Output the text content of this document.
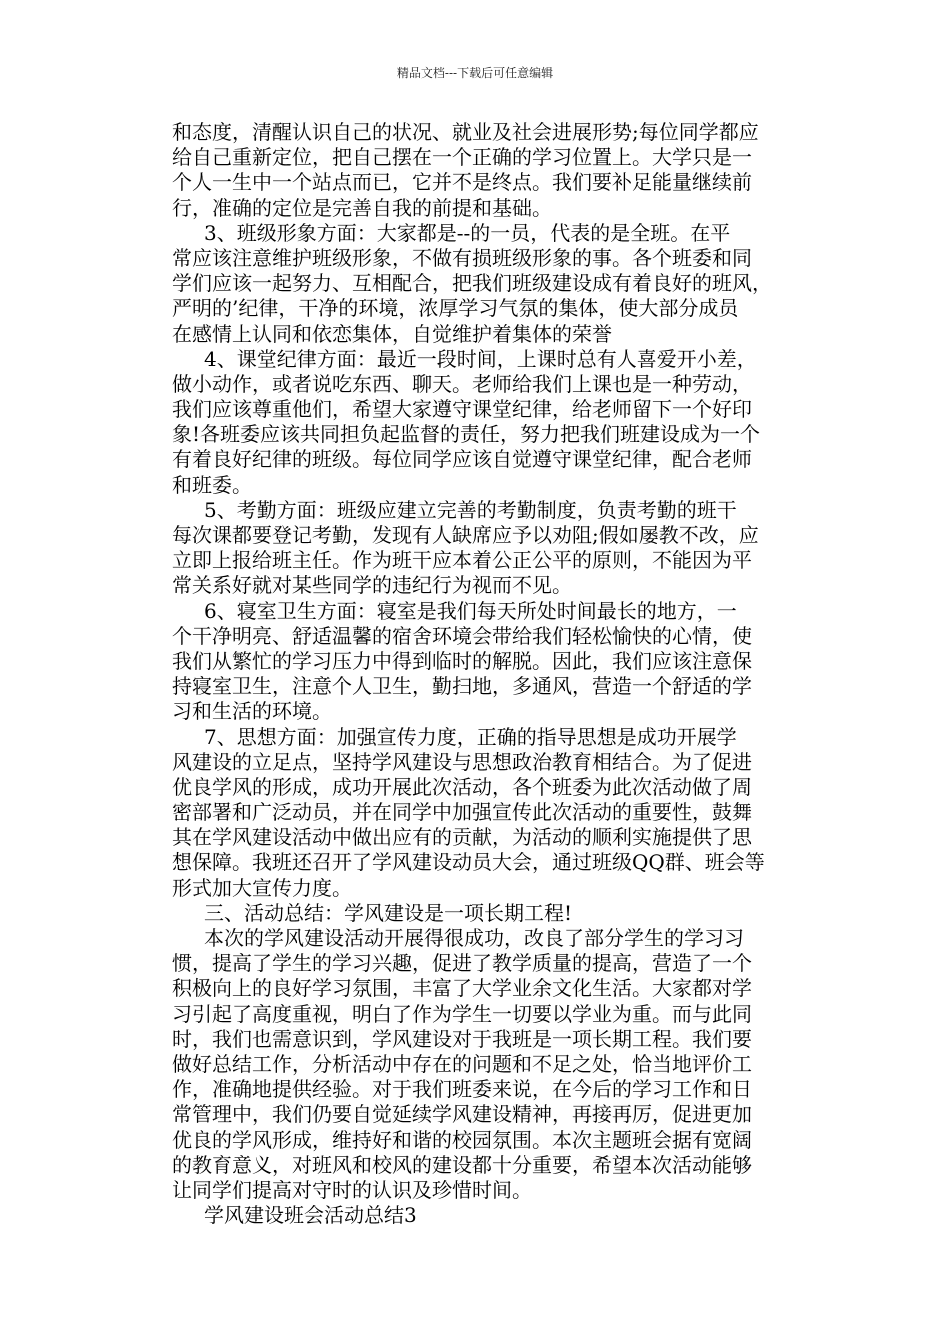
精品文档---下载后可任意编辑
和态度，清醒认识自己的状况、就业及社会进展形势;每位同学都应
给自己重新定位，把自己摆在一个正确的学习位置上。大学只是一
个人一生中一个站点而已，它并不是终点。我们要补足能量继续前
行，准确的定位是完善自我的前提和基础。
3、班级形象方面：大家都是--的一员，代表的是全班。在平
常应该注意维护班级形象，不做有损班级形象的事。各个班委和同
学们应该一起努力、互相配合，把我们班级建设成有着良好的班风，
严明的’纪律，干净的环境，浓厚学习气氛的集体，使大部分成员
在感情上认同和依恋集体，自觉维护着集体的荣誉
4、课堂纪律方面：最近一段时间，上课时总有人喜爱开小差，
做小动作，或者说吃东西、聊天。老师给我们上课也是一种劳动，
我们应该尊重他们，希望大家遵守课堂纪律，给老师留下一个好印
象!各班委应该共同担负起监督的责任，努力把我们班建设成为一个
有着良好纪律的班级。每位同学应该自觉遵守课堂纪律，配合老师
和班委。
5、考勤方面：班级应建立完善的考勤制度，负责考勤的班干
每次课都要登记考勤，发现有人缺席应予以劝阻;假如屡教不改，应
立即上报给班主任。作为班干应本着公正公平的原则，不能因为平
常关系好就对某些同学的违纪行为视而不见。
6、寝室卫生方面：寝室是我们每天所处时间最长的地方，一
个干净明亮、舒适温馨的宿舍环境会带给我们轻松愉快的心情，使
我们从繁忙的学习压力中得到临时的解脱。因此，我们应该注意保
持寝室卫生，注意个人卫生，勤扫地，多通风，营造一个舒适的学
习和生活的环境。
7、思想方面：加强宣传力度，正确的指导思想是成功开展学
风建设的立足点，坚持学风建设与思想政治教育相结合。为了促进
优良学风的形成，成功开展此次活动，各个班委为此次活动做了周
密部署和广泛动员，并在同学中加强宣传此次活动的重要性，鼓舞
其在学风建设活动中做出应有的贡献，为活动的顺利实施提供了思
想保障。我班还召开了学风建设动员大会，通过班级QQ群、班会等
形式加大宣传力度。
三、活动总结：学风建设是一项长期工程!
本次的学风建设活动开展得很成功，改良了部分学生的学习习
惯，提高了学生的学习兴趣，促进了教学质量的提高，营造了一个
积极向上的良好学习氛围，丰富了大学业余文化生活。大家都对学
习引起了高度重视，明白了作为学生一切要以学业为重。而与此同
时，我们也需意识到，学风建设对于我班是一项长期工程。我们要
做好总结工作，分析活动中存在的问题和不足之处，恰当地评价工
作，准确地提供经验。对于我们班委来说，在今后的学习工作和日
常管理中，我们仍要自觉延续学风建设精神，再接再厉，促进更加
优良的学风形成，维持好和谐的校园氛围。本次主题班会据有宽阔
的教育意义，对班风和校风的建设都十分重要，希望本次活动能够
让同学们提高对守时的认识及珍惜时间。
学风建设班会活动总结3
